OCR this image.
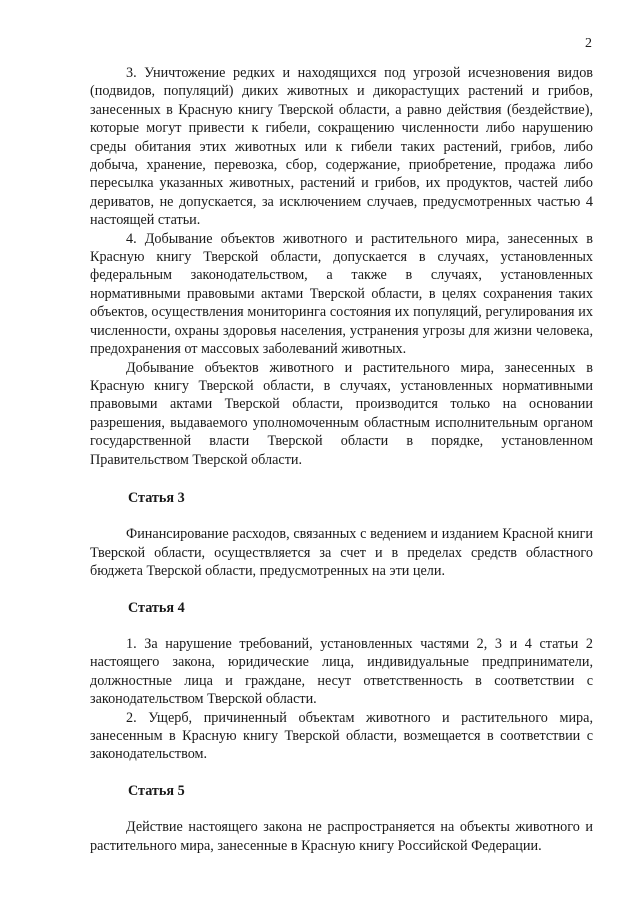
2

3. Уничтожение редких и находящихся под угрозой исчезновения видов (подвидов, популяций) диких животных и дикорастущих растений и грибов, занесенных в Красную книгу Тверской области, а равно действия (бездействие), которые могут привести к гибели, сокращению численности либо нарушению среды обитания этих животных или к гибели таких растений, грибов, либо добыча, хранение, перевозка, сбор, содержание, приобретение, продажа либо пересылка указанных животных, растений и грибов, их продуктов, частей либо дериватов, не допускается, за исключением случаев, предусмотренных частью 4 настоящей статьи.

4. Добывание объектов животного и растительного мира, занесенных в Красную книгу Тверской области, допускается в случаях, установленных федеральным законодательством, а также в случаях, установленных нормативными правовыми актами Тверской области, в целях сохранения таких объектов, осуществления мониторинга состояния их популяций, регулирования их численности, охраны здоровья населения, устранения угрозы для жизни человека, предохранения от массовых заболеваний животных.

Добывание объектов животного и растительного мира, занесенных в Красную книгу Тверской области, в случаях, установленных нормативными правовыми актами Тверской области, производится только на основании разрешения, выдаваемого уполномоченным областным исполнительным органом государственной власти Тверской области в порядке, установленном Правительством Тверской области.

Статья 3

Финансирование расходов, связанных с ведением и изданием Красной книги Тверской области, осуществляется за счет и в пределах средств областного бюджета Тверской области, предусмотренных на эти цели.

Статья 4

1. За нарушение требований, установленных частями 2, 3 и 4 статьи 2 настоящего закона, юридические лица, индивидуальные предприниматели, должностные лица и граждане, несут ответственность в соответствии с законодательством Тверской области.

2. Ущерб, причиненный объектам животного и растительного мира, занесенным в Красную книгу Тверской области, возмещается в соответствии с законодательством.

Статья 5

Действие настоящего закона не распространяется на объекты животного и растительного мира, занесенные в Красную книгу Российской Федерации.
